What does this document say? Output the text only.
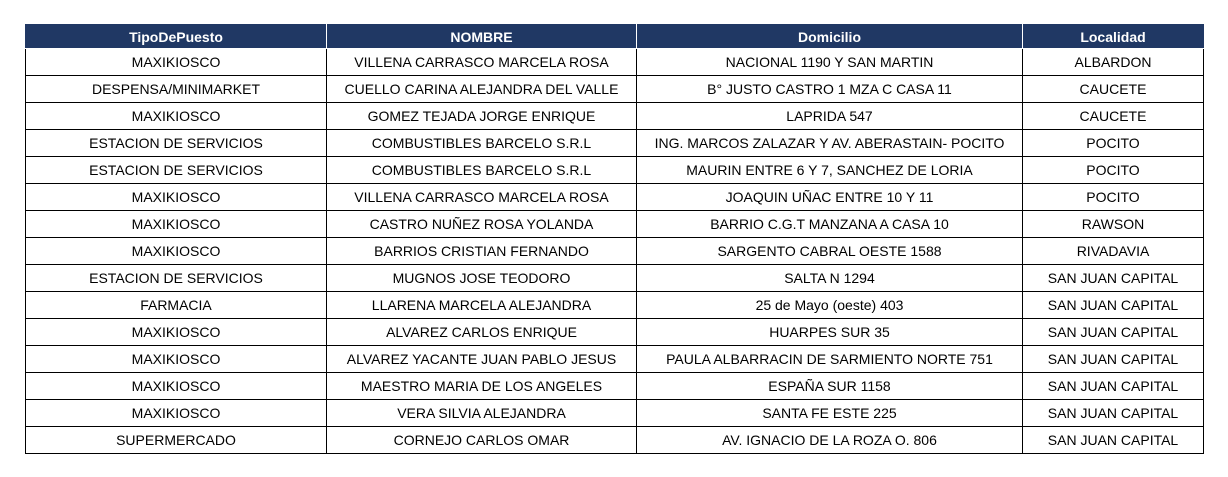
TipoDePuesto	NOMBRE	Domicilio	Localidad
MAXIKIOSCO	VILLENA CARRASCO MARCELA ROSA	NACIONAL 1190 Y SAN MARTIN	ALBARDON
DESPENSA/MINIMARKET	CUELLO CARINA ALEJANDRA DEL VALLE	B° JUSTO CASTRO 1 MZA C CASA 11	CAUCETE
MAXIKIOSCO	GOMEZ TEJADA JORGE ENRIQUE	LAPRIDA 547	CAUCETE
ESTACION DE SERVICIOS	COMBUSTIBLES BARCELO S.R.L	ING. MARCOS ZALAZAR Y AV. ABERASTAIN- POCITO	POCITO
ESTACION DE SERVICIOS	COMBUSTIBLES BARCELO S.R.L	MAURIN ENTRE 6 Y 7, SANCHEZ DE LORIA	POCITO
MAXIKIOSCO	VILLENA CARRASCO MARCELA ROSA	JOAQUIN UÑAC ENTRE 10 Y 11	POCITO
MAXIKIOSCO	CASTRO NUÑEZ ROSA YOLANDA	BARRIO C.G.T MANZANA A CASA 10	RAWSON
MAXIKIOSCO	BARRIOS CRISTIAN FERNANDO	SARGENTO CABRAL OESTE 1588	RIVADAVIA
ESTACION DE SERVICIOS	MUGNOS JOSE TEODORO	SALTA N 1294	SAN JUAN CAPITAL
FARMACIA	LLARENA MARCELA ALEJANDRA	25 de Mayo (oeste) 403	SAN JUAN CAPITAL
MAXIKIOSCO	ALVAREZ CARLOS ENRIQUE	HUARPES SUR 35	SAN JUAN CAPITAL
MAXIKIOSCO	ALVAREZ YACANTE JUAN PABLO JESUS	PAULA ALBARRACIN DE SARMIENTO NORTE 751	SAN JUAN CAPITAL
MAXIKIOSCO	MAESTRO MARIA DE LOS ANGELES	ESPAÑA SUR 1158	SAN JUAN CAPITAL
MAXIKIOSCO	VERA SILVIA ALEJANDRA	SANTA FE ESTE 225	SAN JUAN CAPITAL
SUPERMERCADO	CORNEJO CARLOS OMAR	AV. IGNACIO DE LA ROZA O. 806	SAN JUAN CAPITAL
